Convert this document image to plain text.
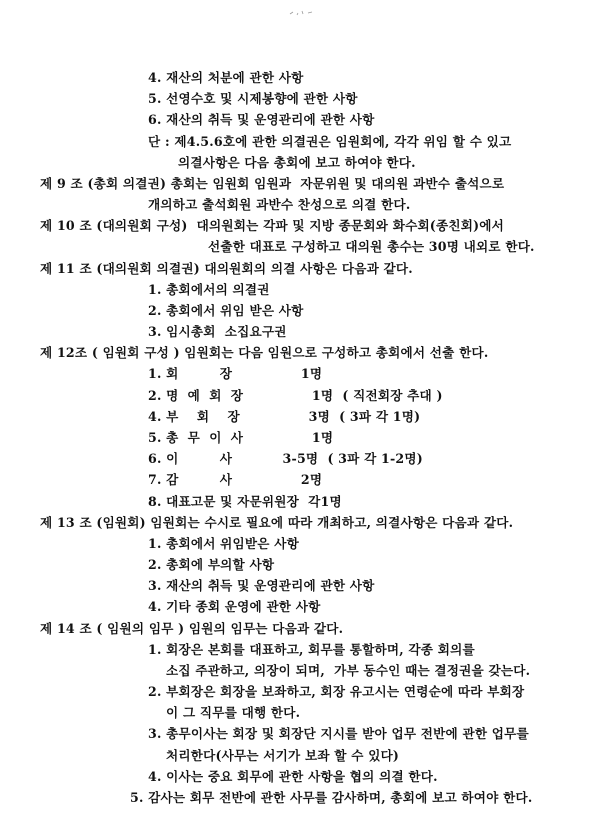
4. 재산의 처분에 관한 사항
5. 선영수호 및 시제봉향에 관한 사항
6. 재산의 취득 및 운영관리에 관한 사항
단 : 제4.5.6호에 관한 의결권은 임원회에, 각각 위임 할 수 있고
의결사항은 다음 총회에 보고 하여야 한다.
제 9 조 (총회 의결권) 총회는 임원회 임원과  자문위원 및 대의원 과반수 출석으로
개의하고 출석회원 과반수 찬성으로 의결 한다.
제 10 조 (대의원회 구성)  대의원회는 각파 및 지방 종문회와 화수회(종친회)에서
선출한 대표로 구성하고 대의원 총수는 30명 내외로 한다.
제 11 조 (대의원회 의결권) 대의원회의 의결 사항은 다음과 같다.
1. 총회에서의 의결권
2. 총회에서 위임 받은 사항
3. 임시총회  소집요구권
제 12조 ( 임원회 구성 ) 임원회는 다음 임원으로 구성하고 총회에서 선출 한다.
1. 회         장               1명
2. 명  예  회  장               1명  ( 직전회장 추대 )
4. 부    회    장               3명  ( 3파 각 1명)
5. 총  무  이  사               1명
6. 이         사           3-5명  ( 3파 각 1-2명)
7. 감         사               2명
8. 대표고문 및 자문위원장  각1명
제 13 조 (임원회) 임원회는 수시로 필요에 따라 개최하고, 의결사항은 다음과 같다.
1. 총회에서 위임받은 사항
2. 총회에 부의할 사항
3. 재산의 취득 및 운영관리에 관한 사항
4. 기타 종회 운영에 관한 사항
제 14 조 ( 임원의 임무 ) 임원의 임무는 다음과 같다.
1. 회장은 본회를 대표하고, 회무를 통할하며, 각종 회의를
소집 주관하고, 의장이 되며,  가부 동수인 때는 결정권을 갖는다.
2. 부회장은 회장을 보좌하고, 회장 유고시는 연령순에 따라 부회장
이 그 직무를 대행 한다.
3. 총무이사는 회장 및 회장단 지시를 받아 업무 전반에 관한 업무를
4. 이사는 중요 회무에 관한 사항을 협의 의결 한다.
5. 감사는 회무 전반에 관한 사무를 감사하며, 총회에 보고 하여야 한다.
처리한다(사무는 서기가 보좌 할 수 있다)
